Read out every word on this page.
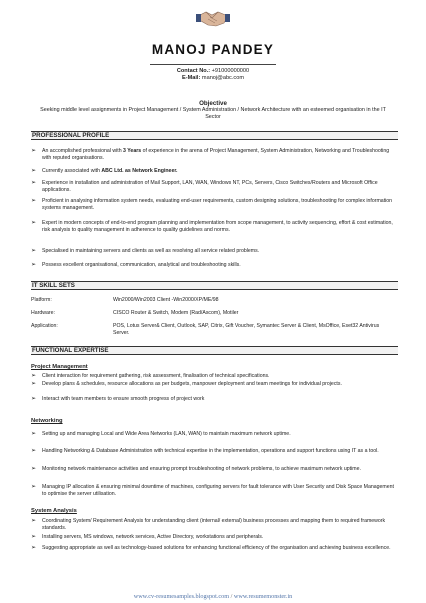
MANOJ PANDEY
Contact No.: +91000000000
E-Mail: manoj@abc.com
Objective
Seeking middle level assignments in Project Management / System Administration / Network Architecture with an esteemed organisation in the IT Sector
PROFESSIONAL PROFILE
➢ An accomplished professional with 3 Years of experience in the arena of Project Management, System Administration, Networking and Troubleshooting with reputed organisations.
➢ Currently associated with ABC Ltd. as Network Engineer.
➢ Experience in installation and administration of Mail Support, LAN, WAN, Windows NT, PCs, Servers, Cisco Switches/Routers and Microsoft Office applications.
➢ Proficient in analysing information system needs, evaluating end-user requirements, custom designing solutions, troubleshooting for complex information systems management.
➢ Expert in modern concepts of end-to-end program planning and implementation from scope management, to activity sequencing, effort & cost estimation, risk analysis to quality management in adherence to quality guidelines and norms.
➢ Specialised in maintaining servers and clients as well as resolving all service related problems.
➢ Possess excellent organisational, communication, analytical and troubleshooting skills.
IT SKILL SETS
Platform:	Win2000/Win2003 Client -Win2000/XP/ME/98
Hardware:	CISCO Router & Switch, Modem (Rad/Ascom), Motiler
Application:	POS, Lotus Server& Client, Outlook, SAP, Citrix, Gift Voucher, Symantec Server & Client, MsOffice, Eset32 Antivirus Server.
FUNCTIONAL EXPERTISE
Project Management
➢ Client interaction for requirement gathering, risk assessment, finalisation of technical specifications.
➢ Develop plans & schedules, resource allocations as per budgets, manpower deployment and team meetings for individual projects.
➢ Interact with team members to ensure smooth progress of project work
Networking
➢ Setting up and managing Local and Wide Area Networks (LAN, WAN) to maintain maximum network uptime.
➢ Handling Networking & Database Administration with technical expertise in the implementation, operations and support functions using IT as a tool.
➢ Monitoring network maintenance activities and ensuring prompt troubleshooting of network problems, to achieve maximum network uptime.
➢ Managing IP allocation & ensuring minimal downtime of machines, configuring servers for fault tolerance with User Security and Disk Space Management to optimise the server utilisation.
System Analysis
➢ Coordinating System/ Requirement Analysis for understanding client (internal/ external) business processes and mapping them to required framework standards.
➢ Installing servers, MS windows, network services, Active Directory, workstations and peripherals.
➢ Suggesting appropriate as well as technology-based solutions for enhancing functional efficiency of the organisation and achieving business excellence.
www.cv-resumesamples.blogspot.com / www.resumemonster.in
